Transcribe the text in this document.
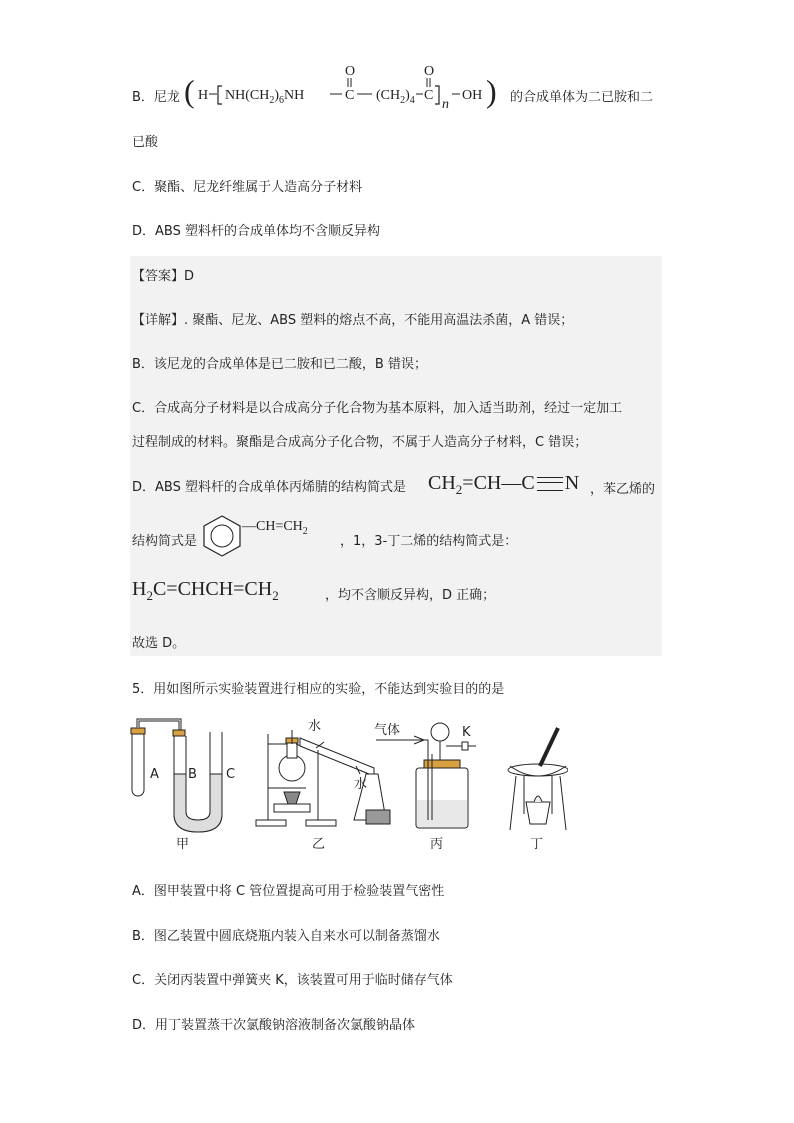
B．尼龙 ( H $NH(CH_2)_6NH$	C
O
$(CH_2)_4$ C
O
n
OH ) 的合成单体为二已胺和二
已酸
C．聚酯、尼龙纤维属于人造高分子材料
D．ABS 塑料杆的合成单体均不含顺反异构
【答案】D
【详解】. 聚酯、尼龙、ABS 塑料的熔点不高，不能用高温法杀菌，A 错误；
B．该尼龙的合成单体是已二胺和已二酸，B 错误；
C．合成高分子材料是以合成高分子化合物为基本原料，加入适当助剂，经过一定加工
过程制成的材料。聚酯是合成高分子化合物，不属于人造高分子材料，C 错误；
D．ABS 塑料杆的合成单体丙烯腈的结构简式是 $CH_2=CH—C$ N ，苯乙烯的
结构简式是
$—CH=CH_2$
，1，3-丁二烯的结构简式是：
$H_2C=CHCH=CH_2$	，均不含顺反异构，D 正确；
故选 D。
5．用如图所示实验装置进行相应的实验，不能达到实验目的的是
A B C
水
水
气体	K
甲	乙	丙	丁
A．图甲装置中将 C 管位置提高可用于检验装置气密性
B．图乙装置中圆底烧瓶内装入自来水可以制备蒸馏水
C．关闭丙装置中弹簧夹 K，该装置可用于临时储存气体
D．用丁装置蒸干次氯酸钠溶液制备次氯酸钠晶体
